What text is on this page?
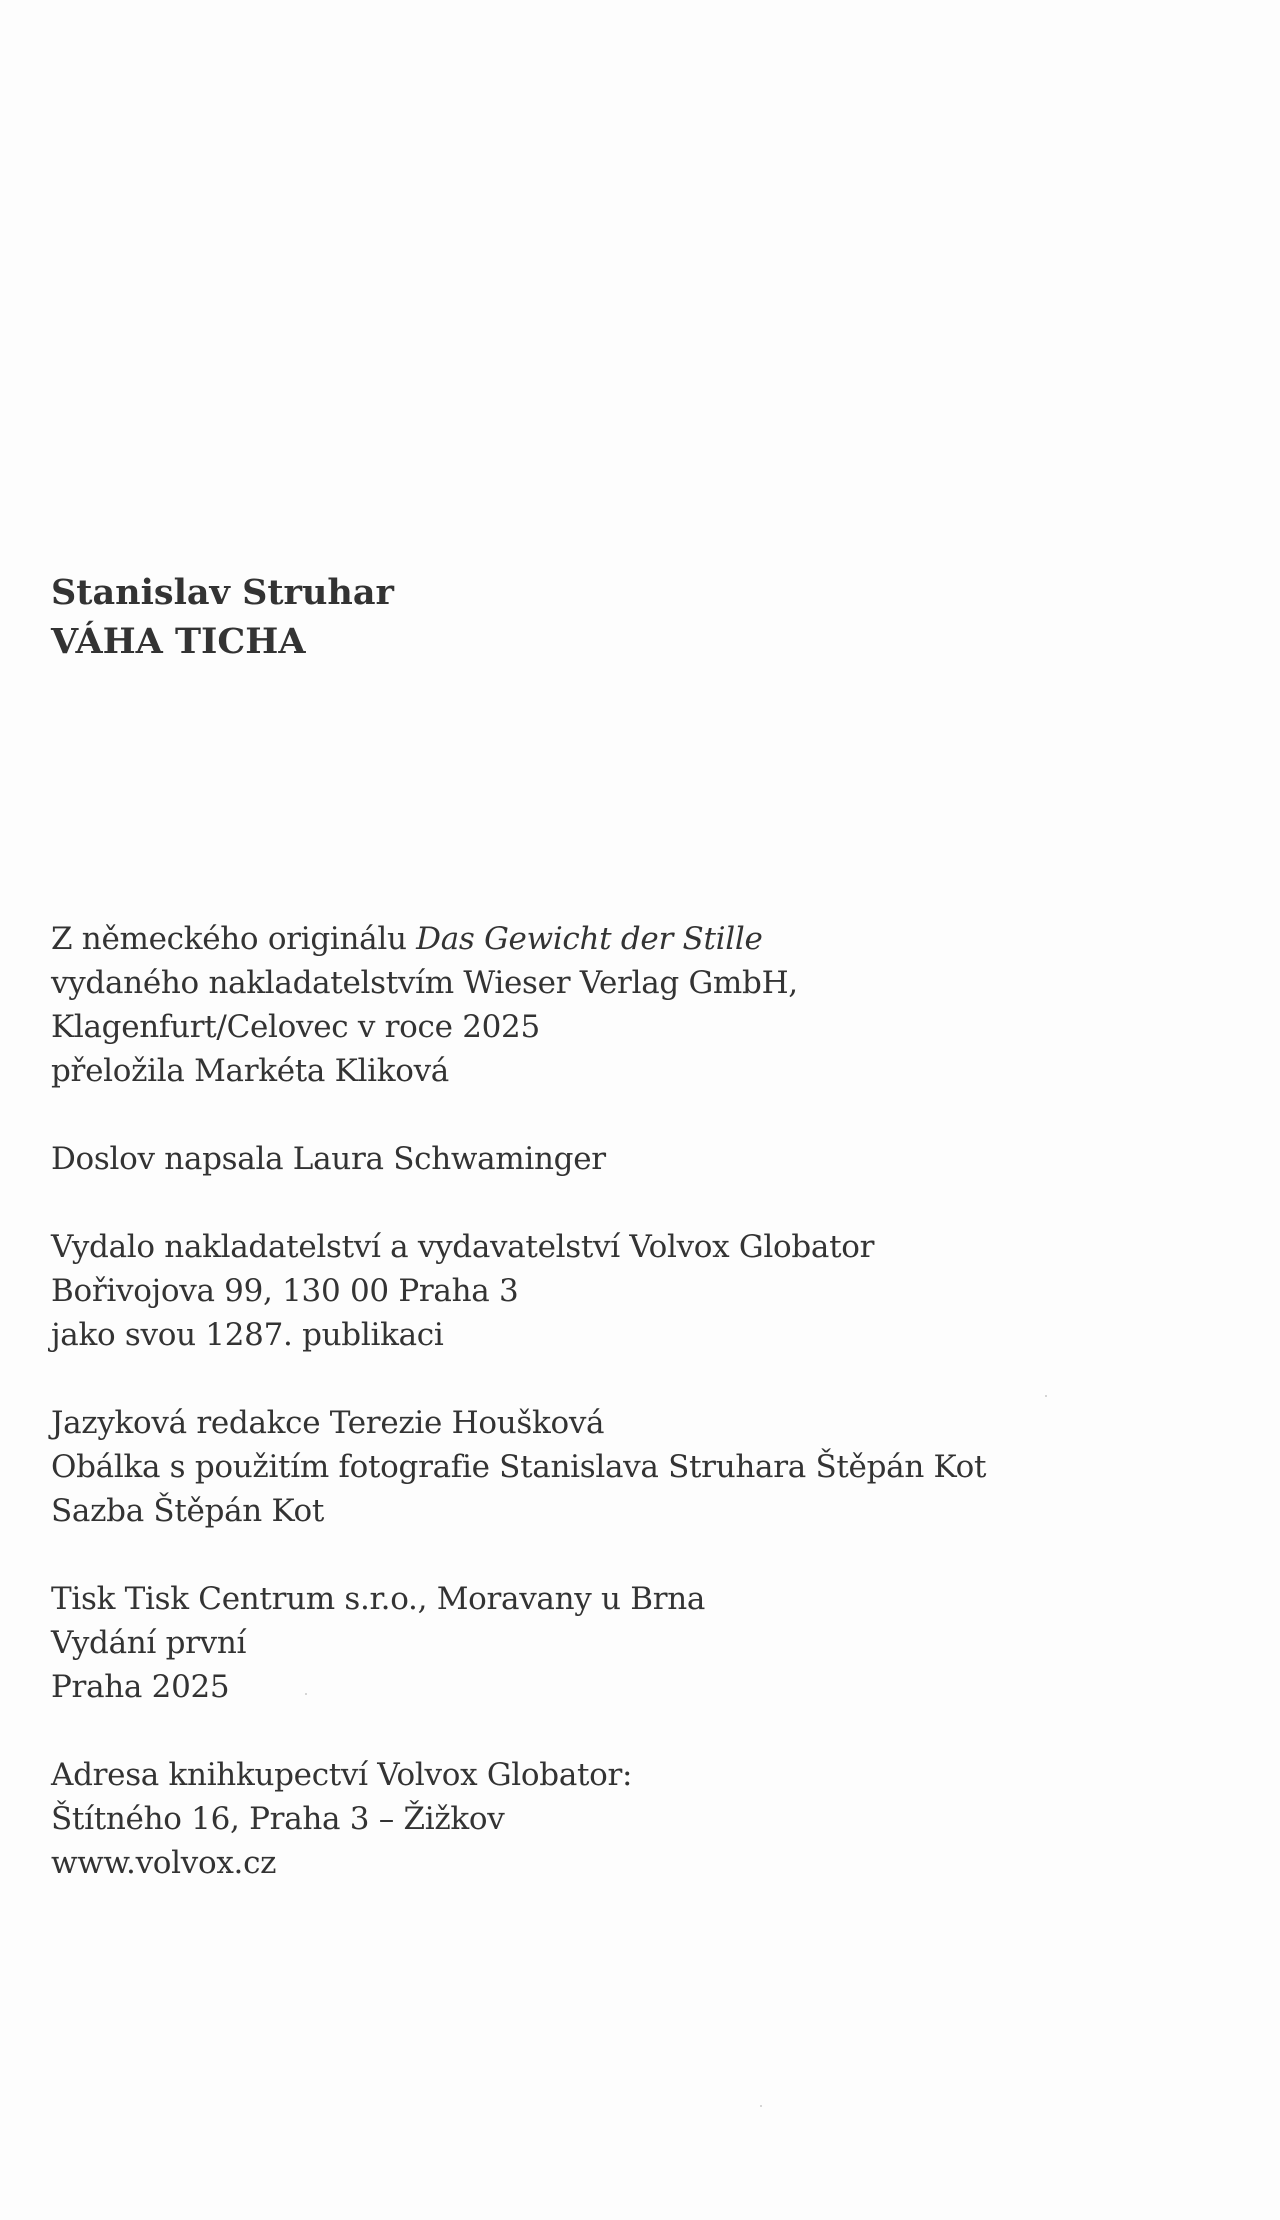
Stanislav Struhar
VÁHA TICHA
Z německého originálu Das Gewicht der Stille
vydaného nakladatelstvím Wieser Verlag GmbH,
Klagenfurt/Celovec v roce 2025
přeložila Markéta Kliková
Doslov napsala Laura Schwaminger
Vydalo nakladatelství a vydavatelství Volvox Globator
Bořivojova 99, 130 00 Praha 3
jako svou 1287. publikaci
Jazyková redakce Terezie Houšková
Obálka s použitím fotografie Stanislava Struhara Štěpán Kot
Sazba Štěpán Kot
Tisk Tisk Centrum s.r.o., Moravany u Brna
Vydání první
Praha 2025
Adresa knihkupectví Volvox Globator:
Štítného 16, Praha 3 – Žižkov
www.volvox.cz
